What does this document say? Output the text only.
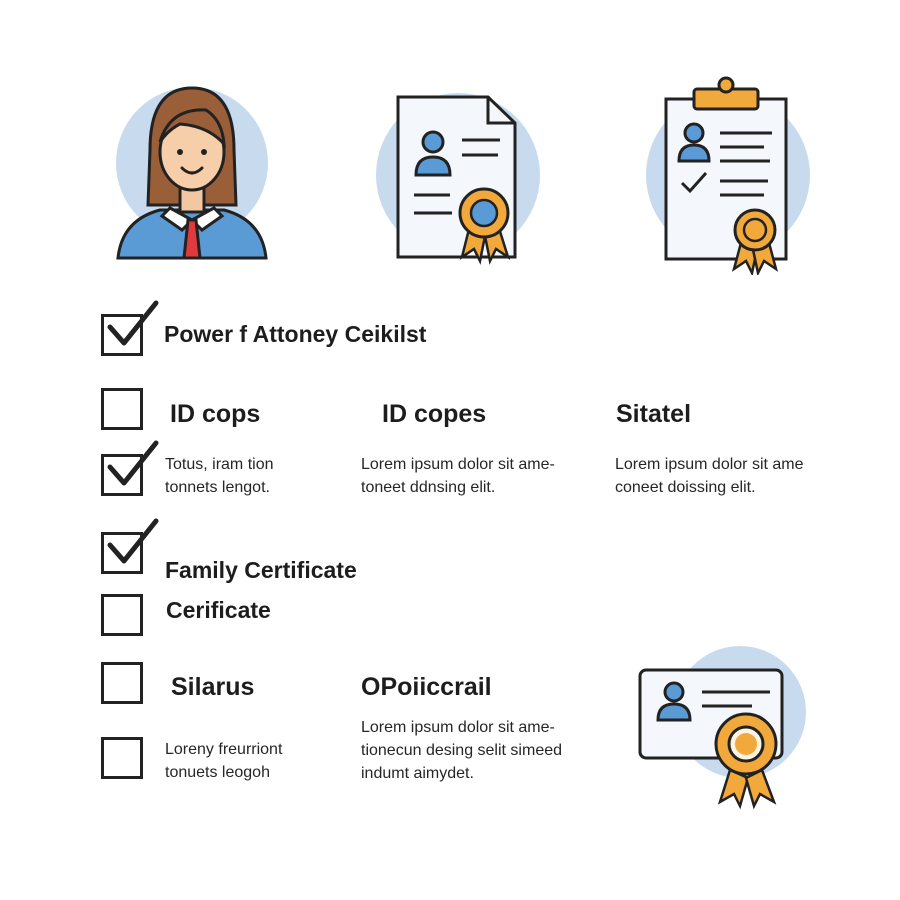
Power f Attoney Ceikilst
ID cops	ID copes	Sitatel
Totus, iram tion
tonnets lengot.
Lorem ipsum dolor sit ame-
toneet ddnsing elit.
Lorem ipsum dolor sit ame
coneet doissing elit.
Family Certificate
Cerificate
Silarus	OPoiiccrail
Loreny freurriont
tonuets leogoh
Lorem ipsum dolor sit ame-
tionecun desing selit simeed
indumt aimydet.
